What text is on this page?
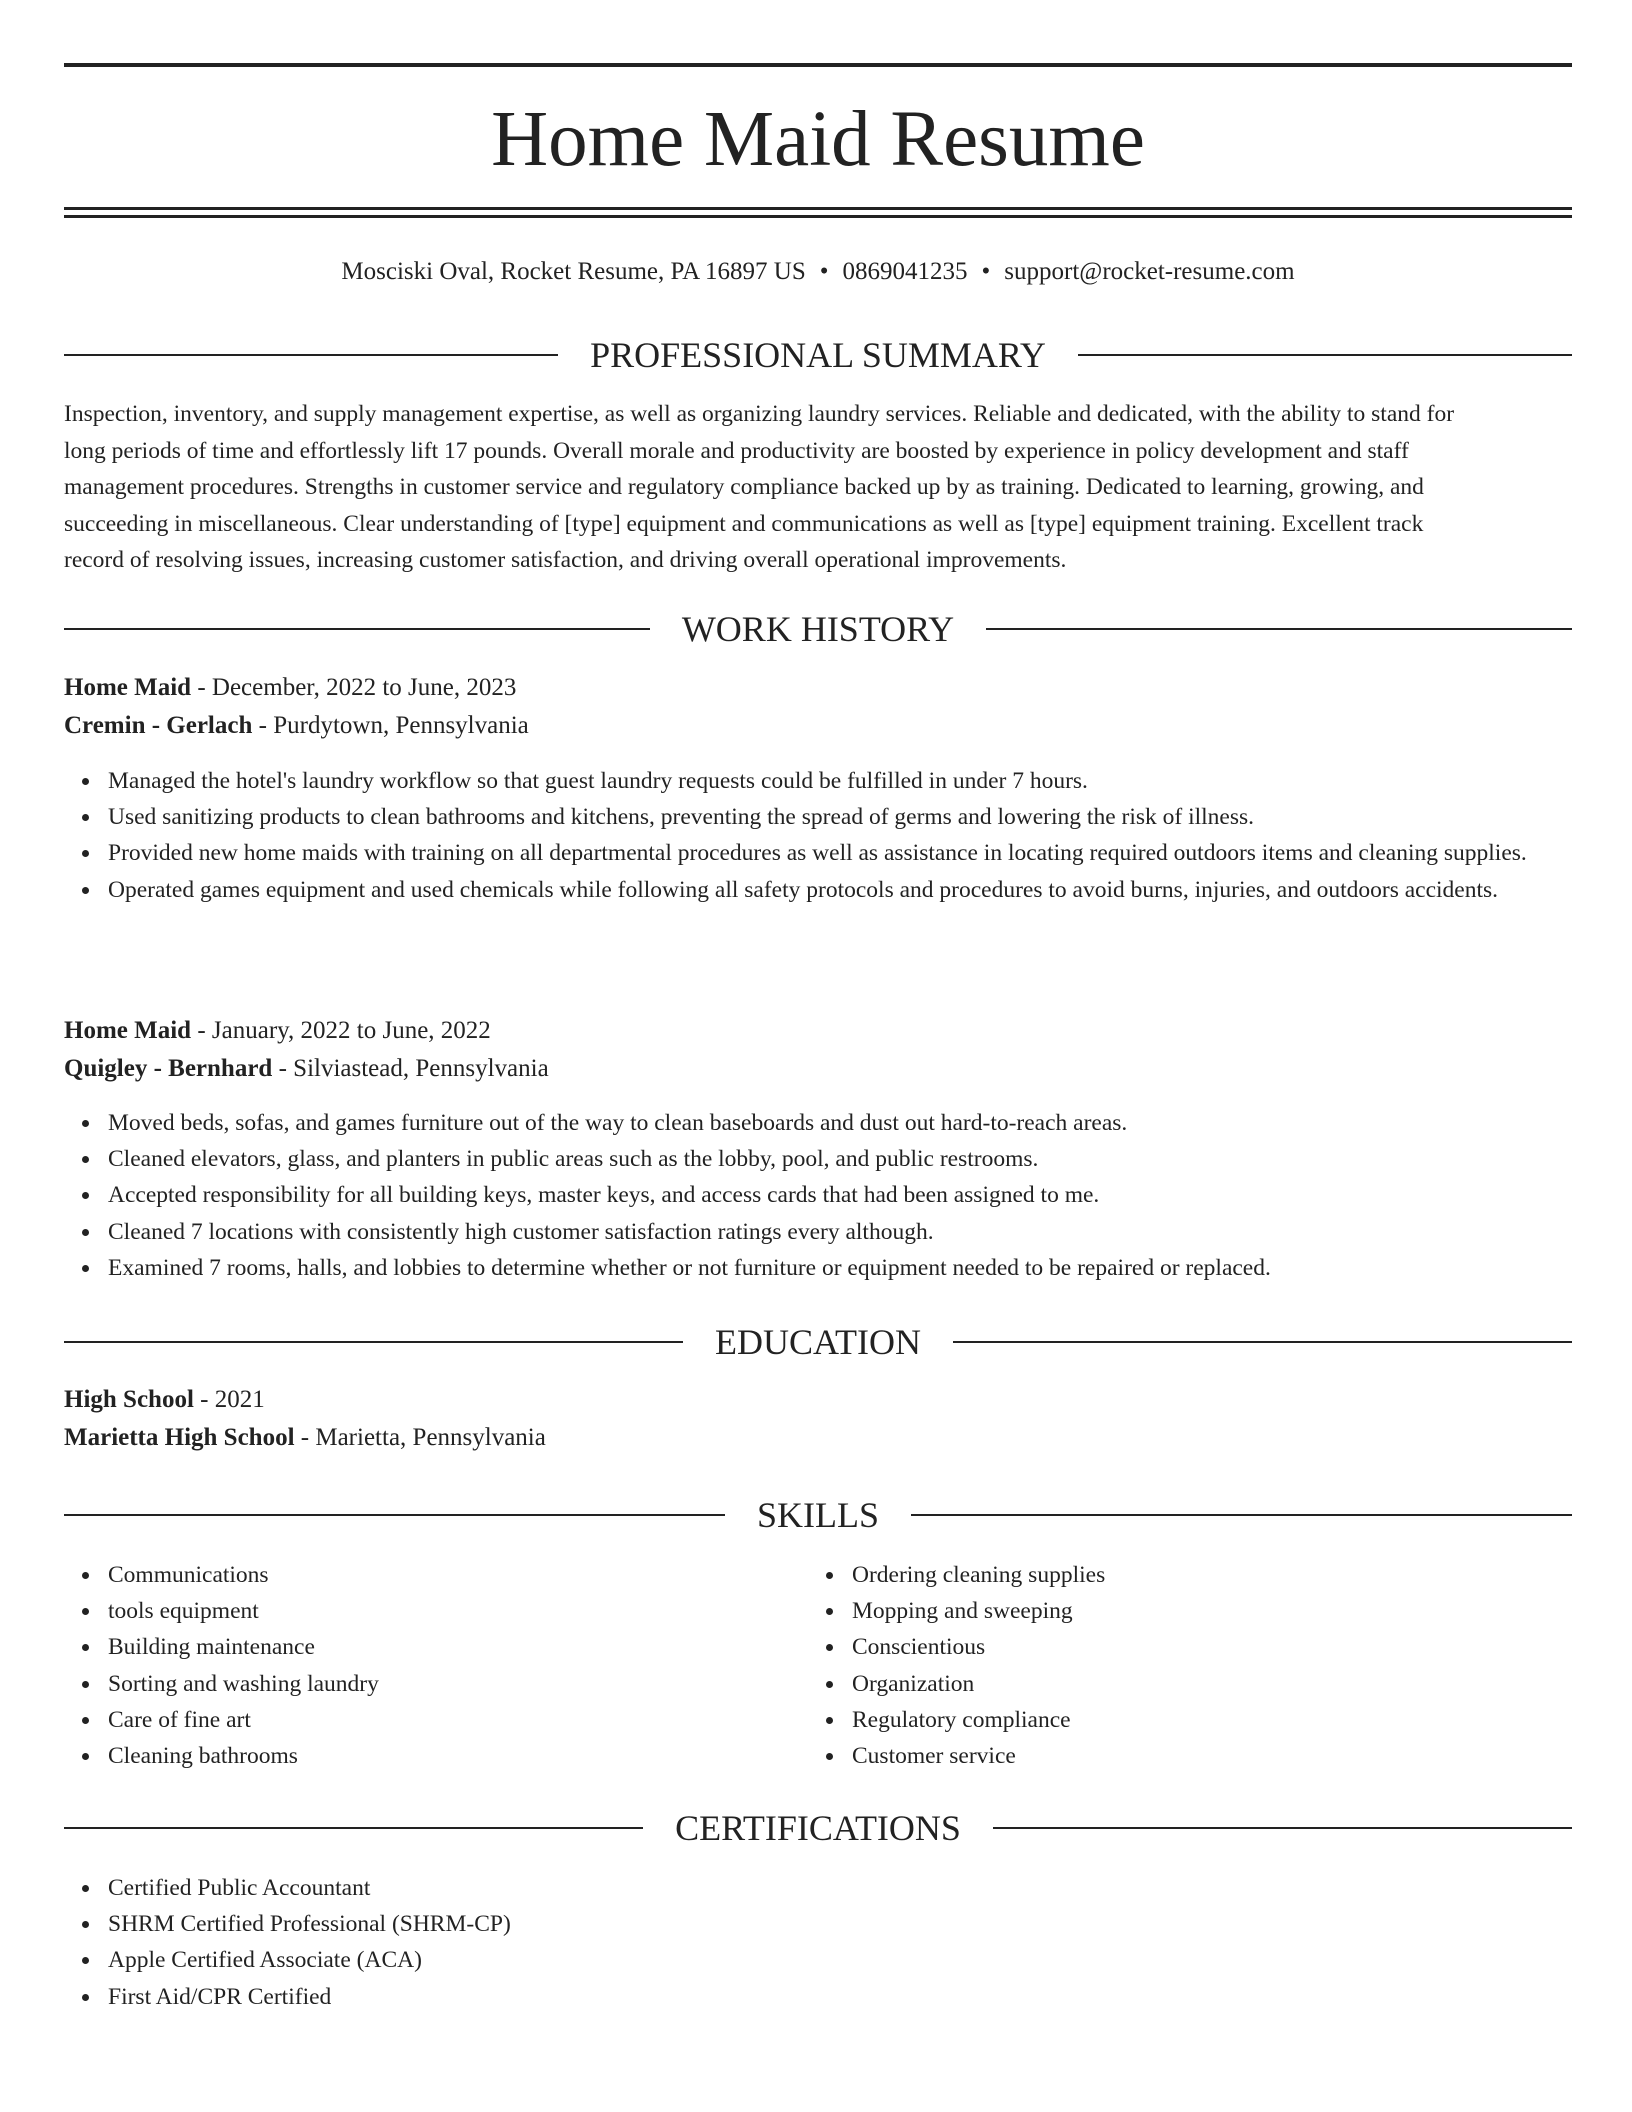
Home Maid Resume
Mosciski Oval, Rocket Resume, PA 16897 US • 0869041235 • support@rocket-resume.com
PROFESSIONAL SUMMARY
Inspection, inventory, and supply management expertise, as well as organizing laundry services. Reliable and dedicated, with the ability to stand for
long periods of time and effortlessly lift 17 pounds. Overall morale and productivity are boosted by experience in policy development and staff
management procedures. Strengths in customer service and regulatory compliance backed up by as training. Dedicated to learning, growing, and
succeeding in miscellaneous. Clear understanding of [type] equipment and communications as well as [type] equipment training. Excellent track
record of resolving issues, increasing customer satisfaction, and driving overall operational improvements.
WORK HISTORY
Home Maid - December, 2022 to June, 2023
Cremin - Gerlach - Purdytown, Pennsylvania
Managed the hotel's laundry workflow so that guest laundry requests could be fulfilled in under 7 hours.
Used sanitizing products to clean bathrooms and kitchens, preventing the spread of germs and lowering the risk of illness.
Provided new home maids with training on all departmental procedures as well as assistance in locating required outdoors items and cleaning supplies.
Operated games equipment and used chemicals while following all safety protocols and procedures to avoid burns, injuries, and outdoors accidents.
Home Maid - January, 2022 to June, 2022
Quigley - Bernhard - Silviastead, Pennsylvania
Moved beds, sofas, and games furniture out of the way to clean baseboards and dust out hard-to-reach areas.
Cleaned elevators, glass, and planters in public areas such as the lobby, pool, and public restrooms.
Accepted responsibility for all building keys, master keys, and access cards that had been assigned to me.
Cleaned 7 locations with consistently high customer satisfaction ratings every although.
Examined 7 rooms, halls, and lobbies to determine whether or not furniture or equipment needed to be repaired or replaced.
EDUCATION
High School - 2021
Marietta High School - Marietta, Pennsylvania
SKILLS
Communications
tools equipment
Building maintenance
Sorting and washing laundry
Care of fine art
Cleaning bathrooms
Ordering cleaning supplies
Mopping and sweeping
Conscientious
Organization
Regulatory compliance
Customer service
CERTIFICATIONS
Certified Public Accountant
SHRM Certified Professional (SHRM-CP)
Apple Certified Associate (ACA)
First Aid/CPR Certified
